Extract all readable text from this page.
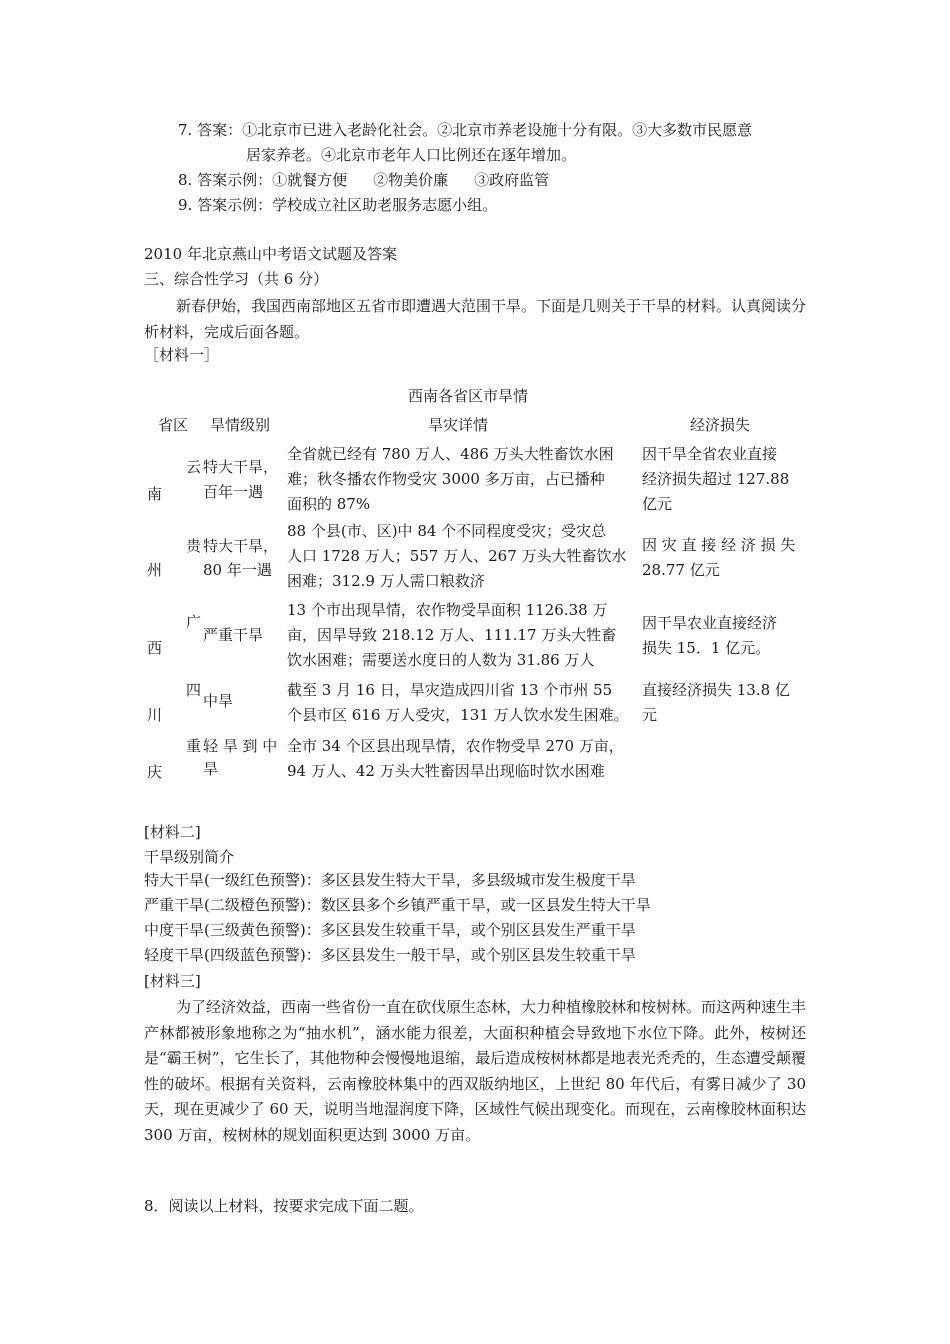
7. 答案：①北京市已进入老龄化社会。②北京市养老设施十分有限。③大多数市民愿意
居家养老。④北京市老年人口比例还在逐年增加。
8. 答案示例：①就餐方便 ②物美价廉 ③政府监管
9. 答案示例：学校成立社区助老服务志愿小组。
2010 年北京燕山中考语文试题及答案
三、综合性学习（共 6 分）
新春伊始，我国西南部地区五省市即遭遇大范围干旱。下面是几则关于干旱的材料。认真阅读分析材料，完成后面各题。
［材料一］
西南各省区市旱情
省区 旱情级别	旱灾详情	经济损失
云
南
特大干旱，
百年一遇
全省就已经有 780 万人、486 万头大牲畜饮水困
难；秋冬播农作物受灾 3000 多万亩，占已播种
面积的 87%
因干旱全省农业直接
经济损失超过 127.88
亿元
贵
州
特大干旱，
80 年一遇
88 个县(市、区)中 84 个不同程度受灾；受灾总
人口 1728 万人；557 万人、267 万头大牲畜饮水
困难；312.9 万人需口粮救济
因 灾 直 接 经 济 损 失
28.77 亿元
广
西
严重干旱
13 个市出现旱情，农作物受旱面积 1126.38 万
亩，因旱导致 218.12 万人、111.17 万头大牲畜
饮水困难；需要送水度日的人数为 31.86 万人
因干旱农业直接经济
损失 15．1 亿元。
四
川
中旱
截至 3 月 16 日，旱灾造成四川省 13 个市州 55
个县市区 616 万人受灾，131 万人饮水发生困难。
直接经济损失 13.8 亿
元
重
庆
轻 旱 到 中
旱
全市 34 个区县出现旱情，农作物受旱 270 万亩，
94 万人、42 万头大牲畜因旱出现临时饮水困难
[材料二]
干旱级别简介
特大干旱(一级红色预警)：多区县发生特大干旱，多县级城市发生极度干旱
严重干旱(二级橙色预警)：数区县多个乡镇严重干旱，或一区县发生特大干旱
中度干旱(三级黄色预警)：多区县发生较重干旱，或个别区县发生严重干旱
轻度干旱(四级蓝色预警)：多区县发生一般干旱，或个别区县发生较重干旱
[材料三]
为了经济效益，西南一些省份一直在砍伐原生态林，大力种植橡胶林和桉树林。而这两种速生丰产林都被形象地称之为“抽水机”，涵水能力很差，大面积种植会导致地下水位下降。此外，桉树还是“霸王树”，它生长了，其他物种会慢慢地退缩，最后造成桉树林都是地表光秃秃的，生态遭受颠覆性的破坏。根据有关资料，云南橡胶林集中的西双版纳地区，上世纪 80 年代后，有雾日减少了 30 天，现在更减少了 60 天，说明当地湿润度下降，区域性气候出现变化。而现在，云南橡胶林面积达 300 万亩，桉树林的规划面积更达到 3000 万亩。
8．阅读以上材料，按要求完成下面二题。
